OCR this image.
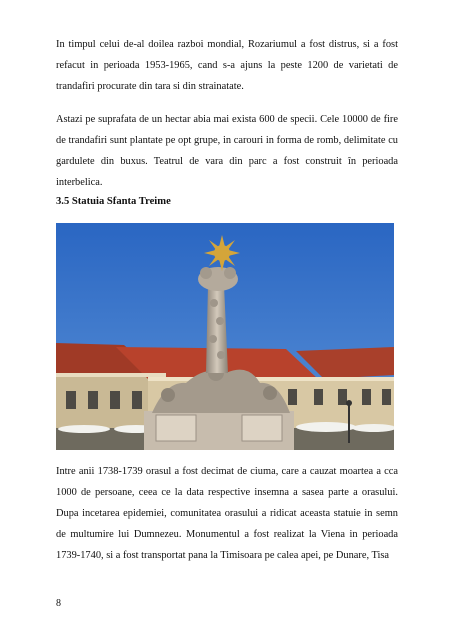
In timpul celui de-al doilea razboi mondial, Rozariumul a fost distrus, si a fost refacut in perioada 1953-1965, cand s-a ajuns la peste 1200 de varietati de trandafiri procurate din tara si din strainatate.

Astazi pe suprafata de un hectar abia mai exista 600 de specii. Cele 10000 de fire de trandafiri sunt plantate pe opt grupe, in carouri in forma de romb, delimitate cu gardulete din buxus. Teatrul de vara din parc a fost construit în perioada interbelica.

3.5 Statuia Sfanta Treime

Intre anii 1738-1739 orasul a fost decimat de ciuma, care a cauzat moartea a cca 1000 de persoane, ceea ce la data respective insemna a sasea parte a orasului. Dupa incetarea epidemiei, comunitatea orasului a ridicat aceasta statuie in semn de multumire lui Dumnezeu. Monumentul a fost realizat la Viena in perioada 1739-1740, si a fost transportat pana la Timisoara pe calea apei, pe Dunare, Tisa

8
